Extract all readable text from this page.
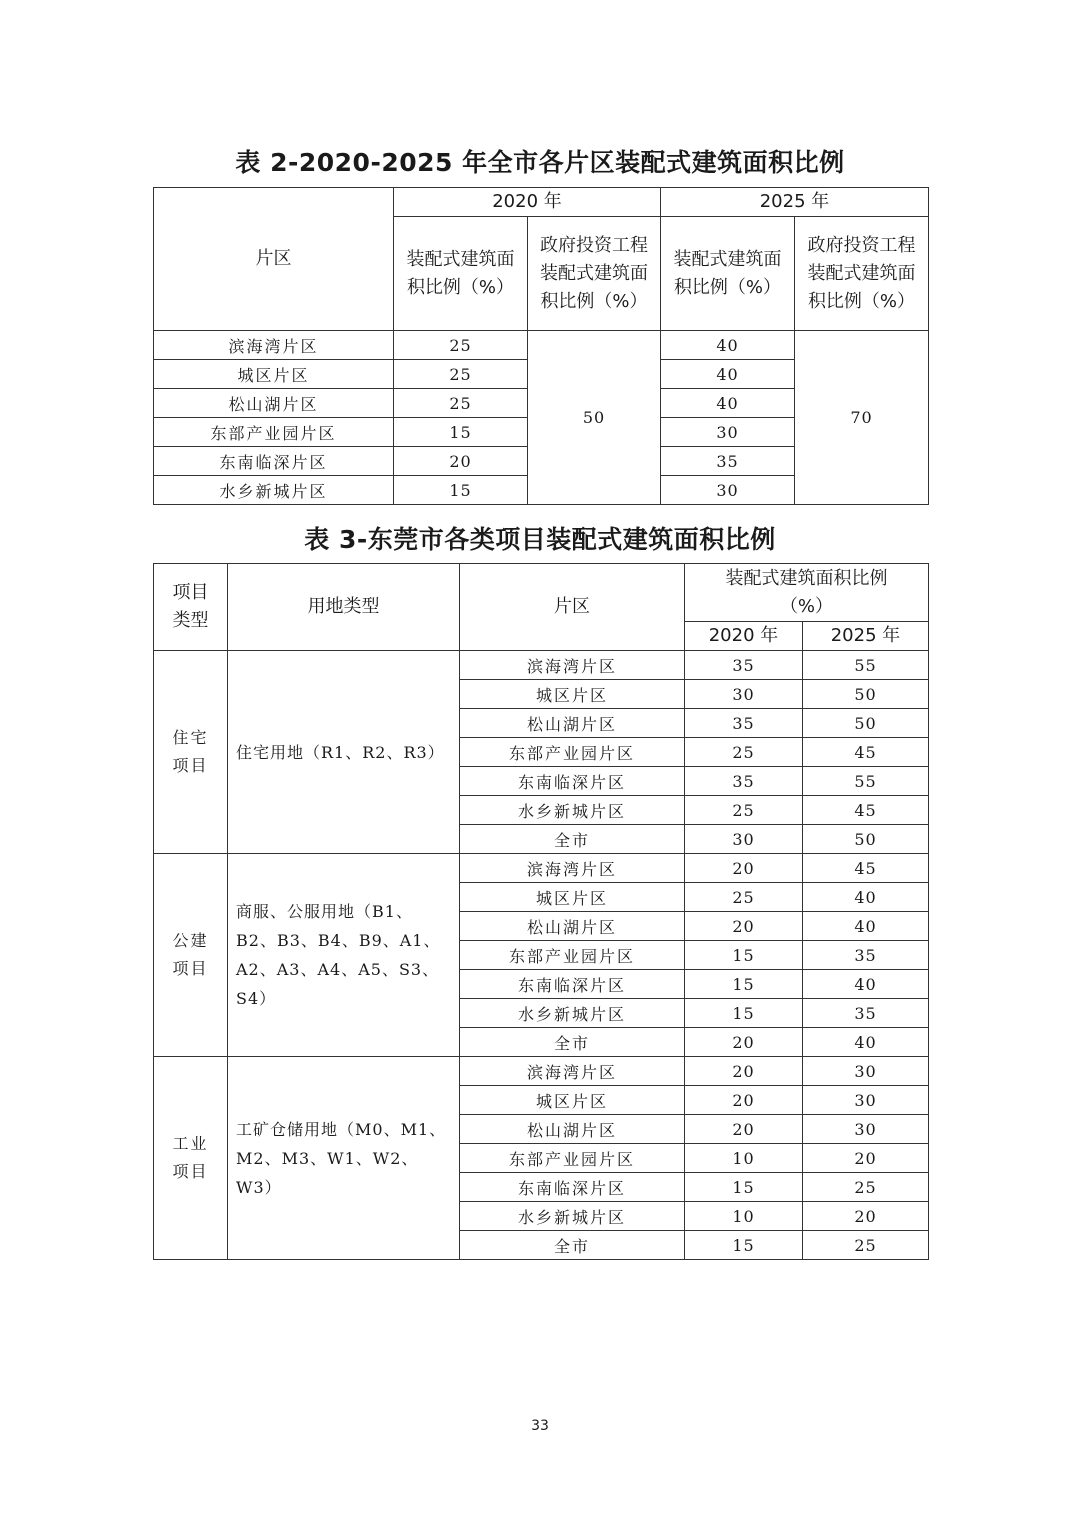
表 2-2020-2025 年全市各片区装配式建筑面积比例
片区	2020 年		2025 年	

	装配式建筑面积比例（%）	政府投资工程装配式建筑面积比例（%）	装配式建筑面积比例（%）	政府投资工程装配式建筑面积比例（%）

滨海湾片区	25	50	40	70
城区片区	25		40	
松山湖片区	25		40	
东部产业园片区	15		30	
东南临深片区	20		35	
水乡新城片区	15		30	
表 3-东莞市各类项目装配式建筑面积比例
项目类型	用地类型	片区	装配式建筑面积比例（%）	

			2020 年	2025 年

住宅项目	住宅用地（R1、R2、R3）	滨海湾片区	35	55
		城区片区	30	50
		松山湖片区	35	50
		东部产业园片区	25	45
		东南临深片区	35	55
		水乡新城片区	25	45
		全市	30	50

公建项目	商服、公服用地（B1、B2、B3、B4、B9、A1、A2、A3、A4、A5、S3、S4）	滨海湾片区	20	45
		城区片区	25	40
		松山湖片区	20	40
		东部产业园片区	15	35
		东南临深片区	15	40
		水乡新城片区	15	35
		全市	20	40

工业项目	工矿仓储用地（M0、M1、M2、M3、W1、W2、W3）	滨海湾片区	20	30
		城区片区	20	30
		松山湖片区	20	30
		东部产业园片区	10	20
		东南临深片区	15	25
		水乡新城片区	10	20
		全市	15	25
33
